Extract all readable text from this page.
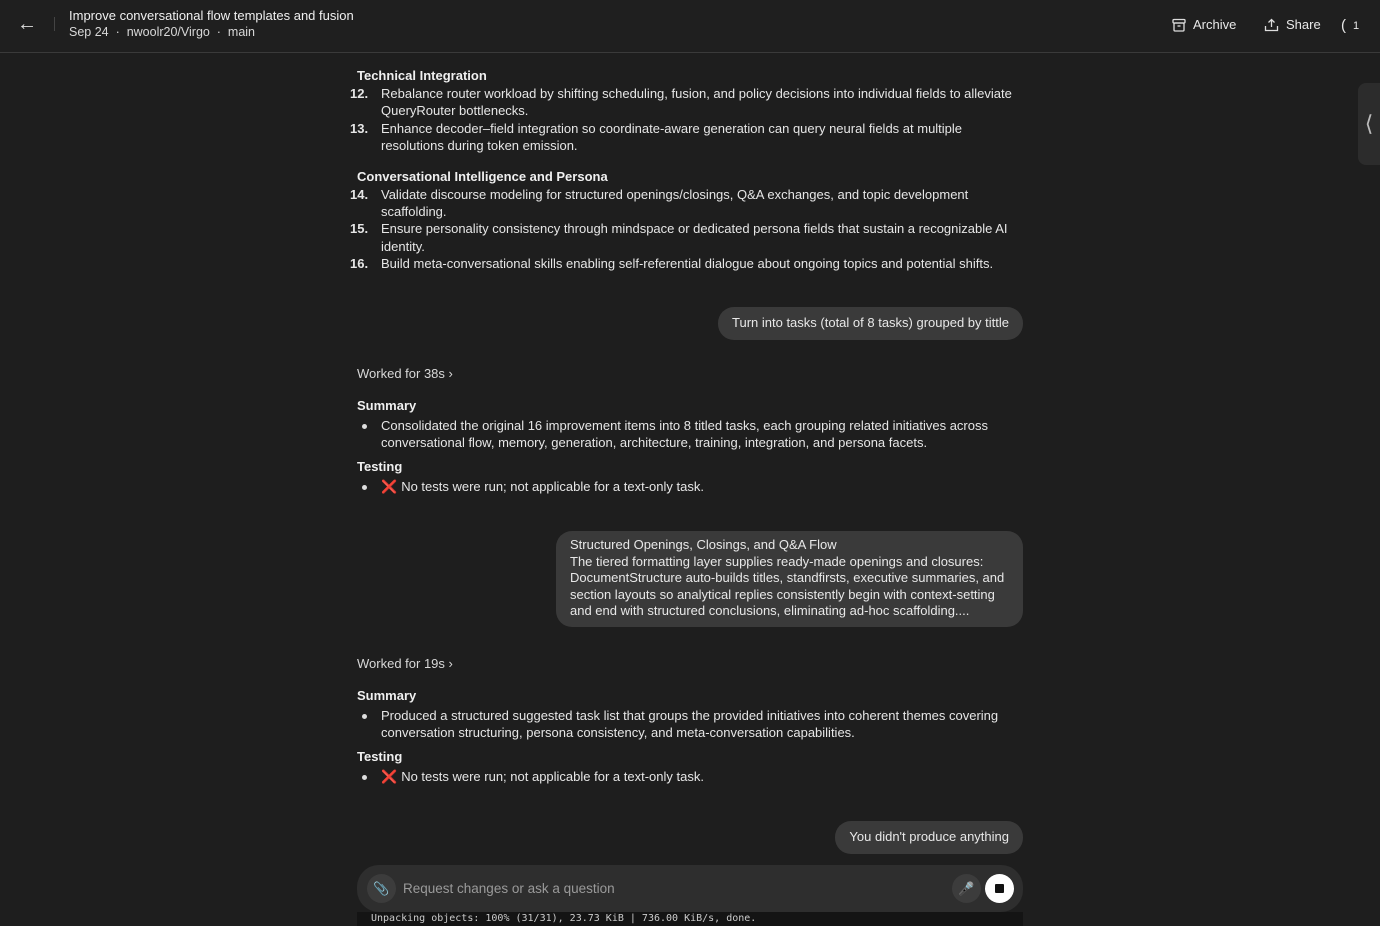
← Improve conversational flow templates and fusion
Sep 24  ·  nwoolr20/Virgo  ·  main	Archive	Share ( 1
⟨
Technical Integration
12. Rebalance router workload by shifting scheduling, fusion, and policy decisions into individual fields to alleviate QueryRouter bottlenecks.
13. Enhance decoder–field integration so coordinate-aware generation can query neural fields at multiple resolutions during token emission.
Conversational Intelligence and Persona
14. Validate discourse modeling for structured openings/closings, Q&A exchanges, and topic development scaffolding.
15. Ensure personality consistency through mindspace or dedicated persona fields that sustain a recognizable AI identity.
16. Build meta-conversational skills enabling self-referential dialogue about ongoing topics and potential shifts.
Turn into tasks (total of 8 tasks) grouped by tittle
Worked for 38s ›
Summary
Consolidated the original 16 improvement items into 8 titled tasks, each grouping related initiatives across conversational flow, memory, generation, architecture, training, integration, and persona facets.
Testing
❌ No tests were run; not applicable for a text-only task.
Structured Openings, Closings, and Q&A Flow
The tiered formatting layer supplies ready-made openings and closures: DocumentStructure auto-builds titles, standfirsts, executive summaries, and section layouts so analytical replies consistently begin with context-setting and end with structured conclusions, eliminating ad-hoc scaffolding....
Worked for 19s ›
Summary
Produced a structured suggested task list that groups the provided initiatives into coherent themes covering conversation structuring, persona consistency, and meta-conversation capabilities.
Testing
❌ No tests were run; not applicable for a text-only task.
You didn't produce anything
📎 Request changes or ask a question	🎤
Unpacking objects: 100% (31/31), 23.73 KiB | 736.00 KiB/s, done.
